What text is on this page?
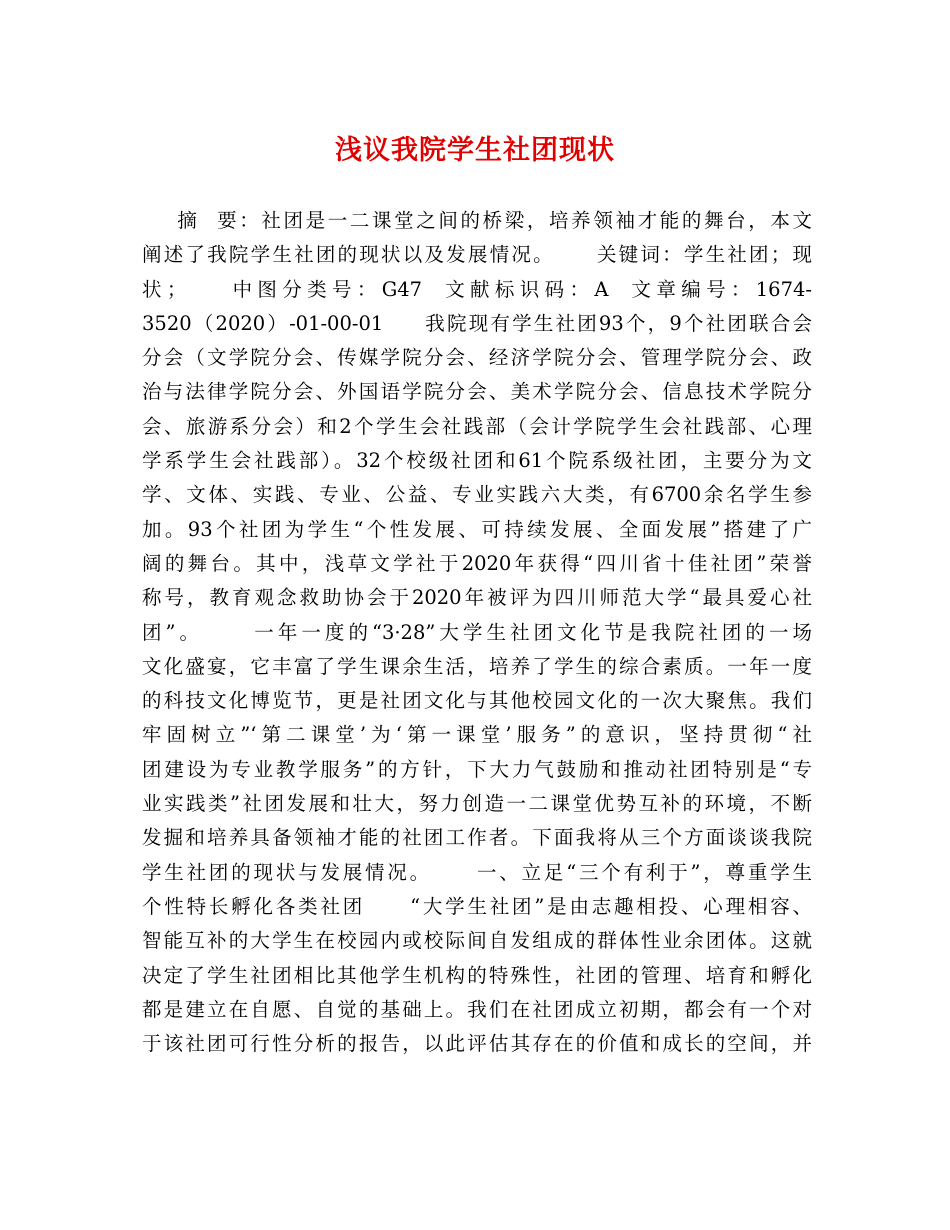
浅议我院学生社团现状
摘  要：社团是一二课堂之间的桥梁，培养领袖才能的舞台，本文
阐述了我院学生社团的现状以及发展情况。     关键词：学生社团；现
状；    中图分类号：G47  文献标识码：A  文章编号：1674-
3520（2020）-01-00-01     我院现有学生社团93个，9个社团联合会
分会（文学院分会、传媒学院分会、经济学院分会、管理学院分会、政
治与法律学院分会、外国语学院分会、美术学院分会、信息技术学院分
会、旅游系分会）和2个学生会社践部（会计学院学生会社践部、心理
学系学生会社践部）。32个校级社团和61个院系级社团，主要分为文
学、文体、实践、专业、公益、专业实践六大类，有6700余名学生参
加。93个社团为学生“个性发展、可持续发展、全面发展”搭建了广
阔的舞台。其中，浅草文学社于2020年获得“四川省十佳社团”荣誉
称号，教育观念救助协会于2020年被评为四川师范大学“最具爱心社
团”。     一年一度的“3·28”大学生社团文化节是我院社团的一场
文化盛宴，它丰富了学生课余生活，培养了学生的综合素质。一年一度
的科技文化博览节，更是社团文化与其他校园文化的一次大聚焦。我们
牢固树立”‘第二课堂’为‘第一课堂’服务”的意识，坚持贯彻“社
团建设为专业教学服务”的方针，下大力气鼓励和推动社团特别是“专
业实践类”社团发展和壮大，努力创造一二课堂优势互补的环境，不断
发掘和培养具备领袖才能的社团工作者。下面我将从三个方面谈谈我院
学生社团的现状与发展情况。     一、立足“三个有利于”，尊重学生
个性特长孵化各类社团     “大学生社团”是由志趣相投、心理相容、
智能互补的大学生在校园内或校际间自发组成的群体性业余团体。这就
决定了学生社团相比其他学生机构的特殊性，社团的管理、培育和孵化
都是建立在自愿、自觉的基础上。我们在社团成立初期，都会有一个对
于该社团可行性分析的报告，以此评估其存在的价值和成长的空间，并
